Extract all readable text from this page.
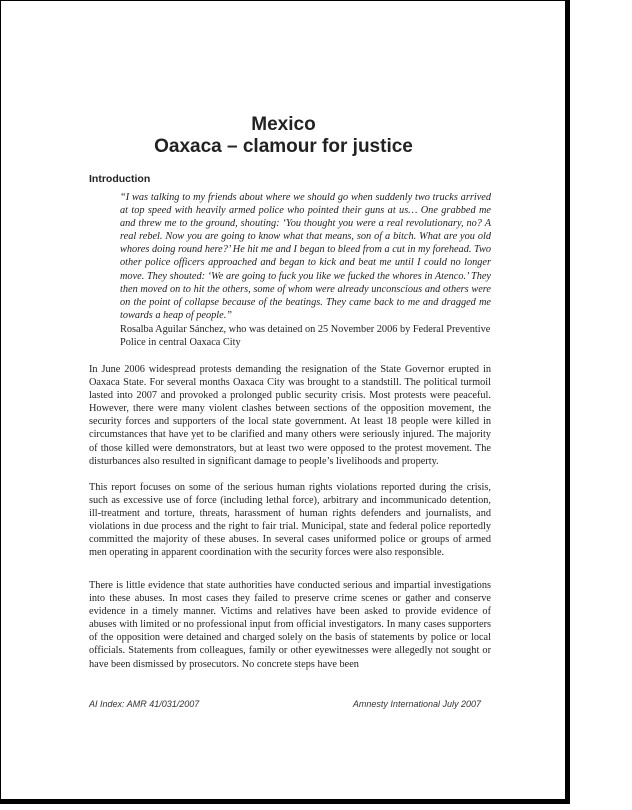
Mexico
Oaxaca – clamour for justice
Introduction
“I was talking to my friends about where we should go when suddenly two trucks arrived at top speed with heavily armed police who pointed their guns at us… One grabbed me and threw me to the ground, shouting: ‘You thought you were a real revolutionary, no? A real rebel. Now you are going to know what that means, son of a bitch. What are you old whores doing round here?’ He hit me and I began to bleed from a cut in my forehead. Two other police officers approached and began to kick and beat me until I could no longer move. They shouted: ‘We are going to fuck you like we fucked the whores in Atenco.’ They then moved on to hit the others, some of whom were already unconscious and others were on the point of collapse because of the beatings. They came back to me and dragged me towards a heap of people.”
Rosalba Aguilar Sánchez, who was detained on 25 November 2006 by Federal Preventive Police in central Oaxaca City
In June 2006 widespread protests demanding the resignation of the State Governor erupted in Oaxaca State. For several months Oaxaca City was brought to a standstill. The political turmoil lasted into 2007 and provoked a prolonged public security crisis. Most protests were peaceful. However, there were many violent clashes between sections of the opposition movement, the security forces and supporters of the local state government. At least 18 people were killed in circumstances that have yet to be clarified and many others were seriously injured. The majority of those killed were demonstrators, but at least two were opposed to the protest movement. The disturbances also resulted in significant damage to people’s livelihoods and property.
This report focuses on some of the serious human rights violations reported during the crisis, such as excessive use of force (including lethal force), arbitrary and incommunicado detention, ill-treatment and torture, threats, harassment of human rights defenders and journalists, and violations in due process and the right to fair trial. Municipal, state and federal police reportedly committed the majority of these abuses. In several cases uniformed police or groups of armed men operating in apparent coordination with the security forces were also responsible.
There is little evidence that state authorities have conducted serious and impartial investigations into these abuses. In most cases they failed to preserve crime scenes or gather and conserve evidence in a timely manner. Victims and relatives have been asked to provide evidence of abuses with limited or no professional input from official investigators. In many cases supporters of the opposition were detained and charged solely on the basis of statements by police or local officials. Statements from colleagues, family or other eyewitnesses were allegedly not sought or have been dismissed by prosecutors. No concrete steps have been
AI Index: AMR 41/031/2007	Amnesty International July 2007
